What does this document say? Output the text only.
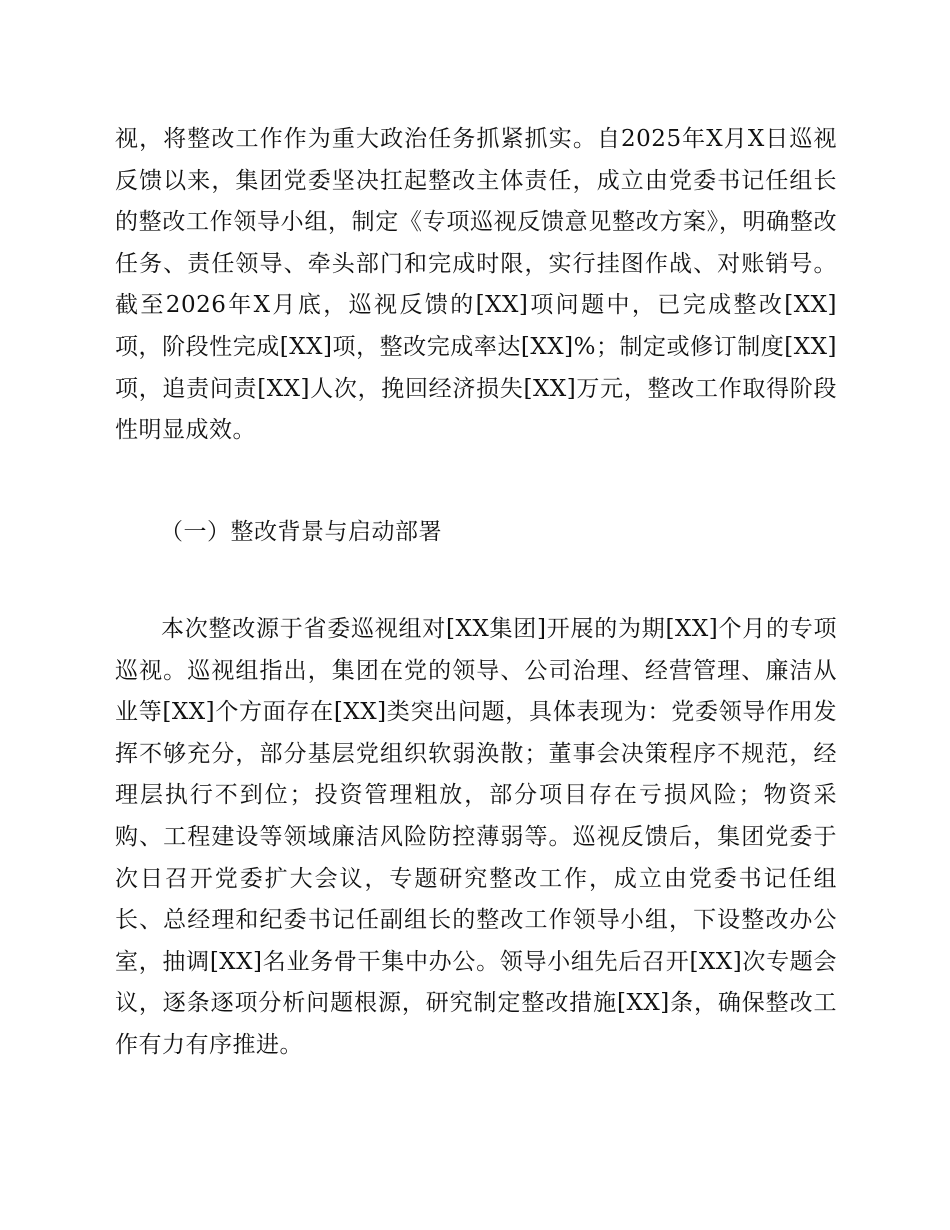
视，将整改工作作为重大政治任务抓紧抓实。自2025年X月X日巡视反馈以来，集团党委坚决扛起整改主体责任，成立由党委书记任组长的整改工作领导小组，制定《专项巡视反馈意见整改方案》，明确整改任务、责任领导、牵头部门和完成时限，实行挂图作战、对账销号。截至2026年X月底，巡视反馈的[XX]项问题中，已完成整改[XX]项，阶段性完成[XX]项，整改完成率达[XX]%；制定或修订制度[XX]项，追责问责[XX]人次，挽回经济损失[XX]万元，整改工作取得阶段性明显成效。

（一）整改背景与启动部署

本次整改源于省委巡视组对[XX集团]开展的为期[XX]个月的专项巡视。巡视组指出，集团在党的领导、公司治理、经营管理、廉洁从业等[XX]个方面存在[XX]类突出问题，具体表现为：党委领导作用发挥不够充分，部分基层党组织软弱涣散；董事会决策程序不规范，经理层执行不到位；投资管理粗放，部分项目存在亏损风险；物资采购、工程建设等领域廉洁风险防控薄弱等。巡视反馈后，集团党委于次日召开党委扩大会议，专题研究整改工作，成立由党委书记任组长、总经理和纪委书记任副组长的整改工作领导小组，下设整改办公室，抽调[XX]名业务骨干集中办公。领导小组先后召开[XX]次专题会议，逐条逐项分析问题根源，研究制定整改措施[XX]条，确保整改工作有力有序推进。
